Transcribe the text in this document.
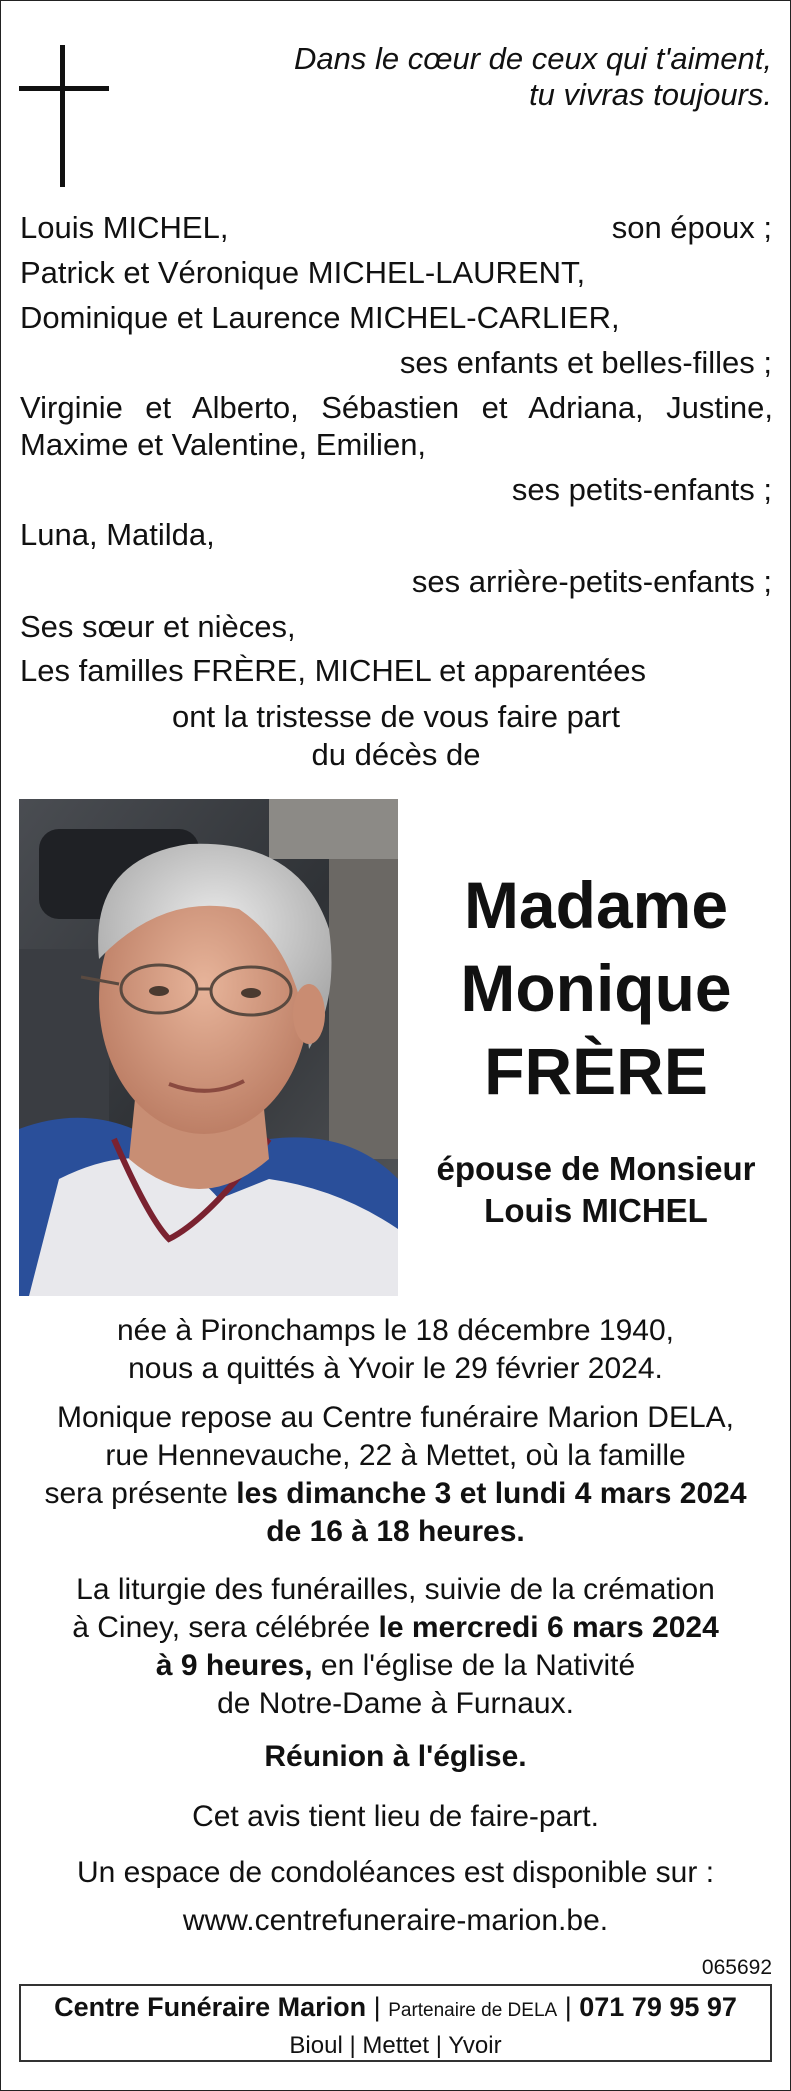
Dans le cœur de ceux qui t'aiment,
tu vivras toujours.
Louis MICHEL,	son époux ;
Patrick et Véronique MICHEL-LAURENT,
Dominique et Laurence MICHEL-CARLIER,
ses enfants et belles-filles ;
Virginie et Alberto, Sébastien et Adriana, Justine,
Maxime et Valentine, Emilien,
ses petits-enfants ;
Luna, Matilda,
ses arrière-petits-enfants ;
Ses sœur et nièces,
Les familles FRÈRE, MICHEL et apparentées
ont la tristesse de vous faire part
du décès de
Madame
Monique
FRÈRE
épouse de Monsieur
Louis MICHEL
née à Pironchamps le 18 décembre 1940,
nous a quittés à Yvoir le 29 février 2024.
Monique repose au Centre funéraire Marion DELA,
rue Hennevauche, 22 à Mettet, où la famille
sera présente les dimanche 3 et lundi 4 mars 2024
de 16 à 18 heures.
La liturgie des funérailles, suivie de la crémation
à Ciney, sera célébrée le mercredi 6 mars 2024
à 9 heures, en l'église de la Nativité
de Notre-Dame à Furnaux.
Réunion à l'église.
Cet avis tient lieu de faire-part.
Un espace de condoléances est disponible sur :
www.centrefuneraire-marion.be.
065692
Centre Funéraire Marion | Partenaire de DELA | 071 79 95 97
Bioul | Mettet | Yvoir
